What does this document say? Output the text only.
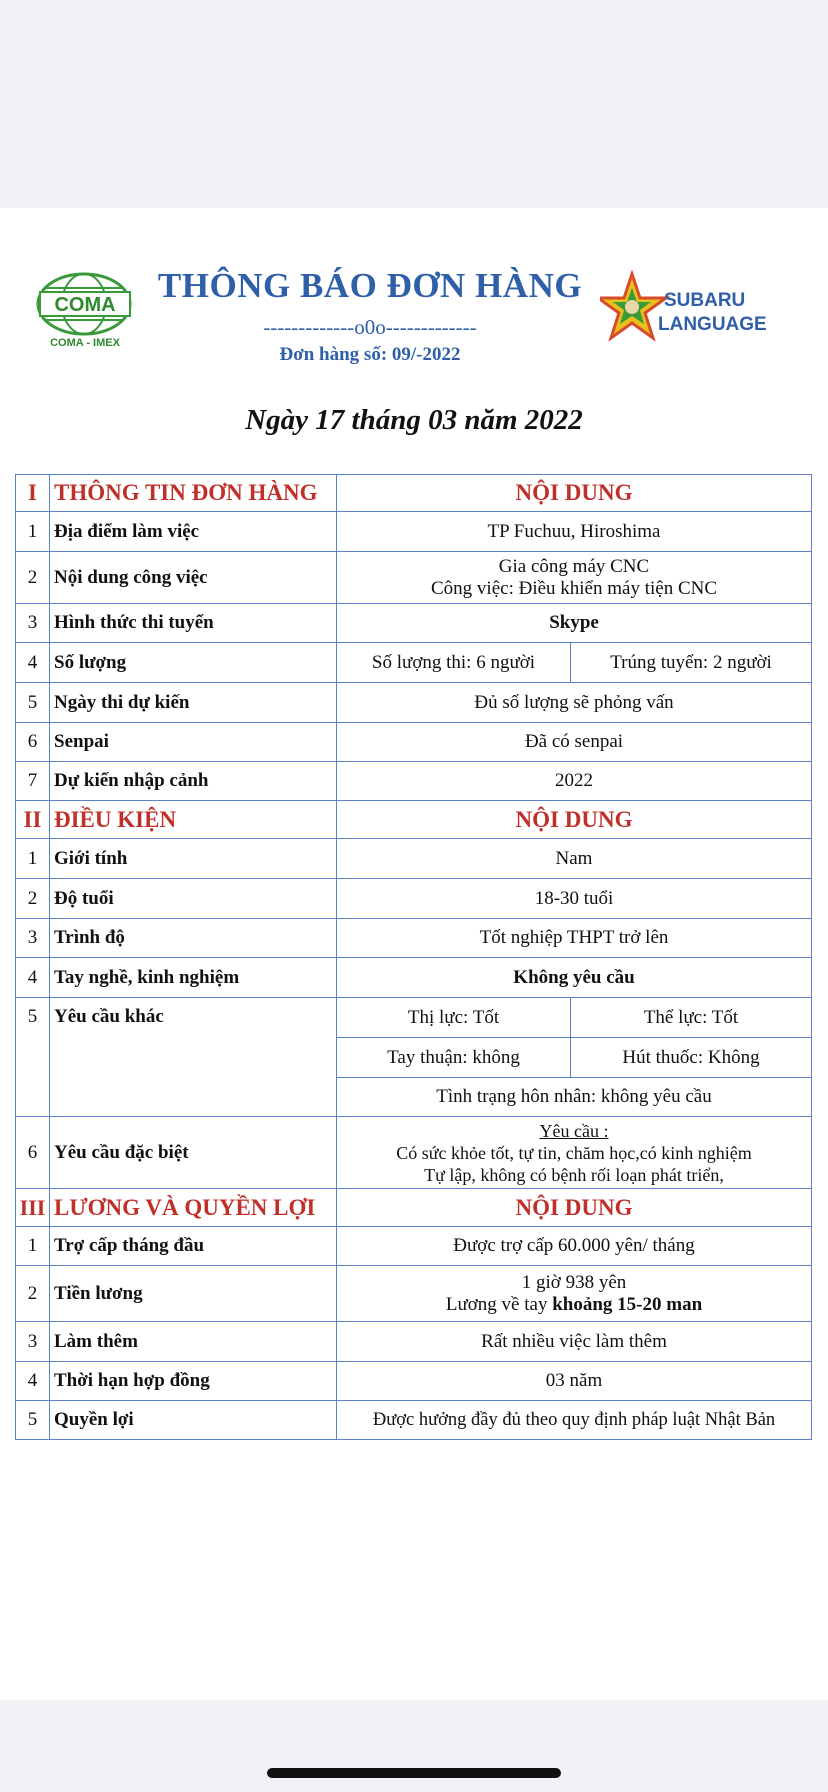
COMA
COMA - IMEX
SUBARU
LANGUAGE
THÔNG BÁO ĐƠN HÀNG
-------------o0o-------------
Đơn hàng số: 09/-2022
Ngày 17 tháng 03 năm 2022
I	THÔNG TIN ĐƠN HÀNG	NỘI DUNG	
1	Địa điểm làm việc	TP Fuchuu, Hiroshima	
2	Nội dung công việc	Gia công máy CNC
Công việc: Điều khiển máy tiện CNC	

3	Hình thức thi tuyển	Skype	
4	Số lượng	Số lượng thi: 6 người	Trúng tuyển: 2 người
5	Ngày thi dự kiến	Đủ số lượng sẽ phỏng vấn	
6	Senpai	Đã có senpai	
7	Dự kiến nhập cảnh	2022	
II	ĐIỀU KIỆN	NỘI DUNG	
1	Giới tính	Nam	
2	Độ tuổi	18-30 tuổi	
3	Trình độ	Tốt nghiệp THPT trở lên	
4	Tay nghề, kinh nghiệm	Không yêu cầu	
5	Yêu cầu khác	Thị lực: Tốt	Thể lực: Tốt
		Tay thuận: không	Hút thuốc: Không
		Tình trạng hôn nhân: không yêu cầu	
6	Yêu cầu đặc biệt	Yêu cầu :
Có sức khỏe tốt, tự tin, chăm học,có kinh nghiệm
Tự lập, không có bệnh rối loạn phát triển,	

III	LƯƠNG VÀ QUYỀN LỢI	NỘI DUNG	
1	Trợ cấp tháng đầu	Được trợ cấp 60.000 yên/ tháng	
2	Tiền lương	1 giờ 938 yên
Lương về tay khoảng 15-20 man	

3	Làm thêm	Rất nhiều việc làm thêm	
4	Thời hạn hợp đồng	03 năm	
5	Quyền lợi	Được hưởng đầy đủ theo quy định pháp luật Nhật Bản	
